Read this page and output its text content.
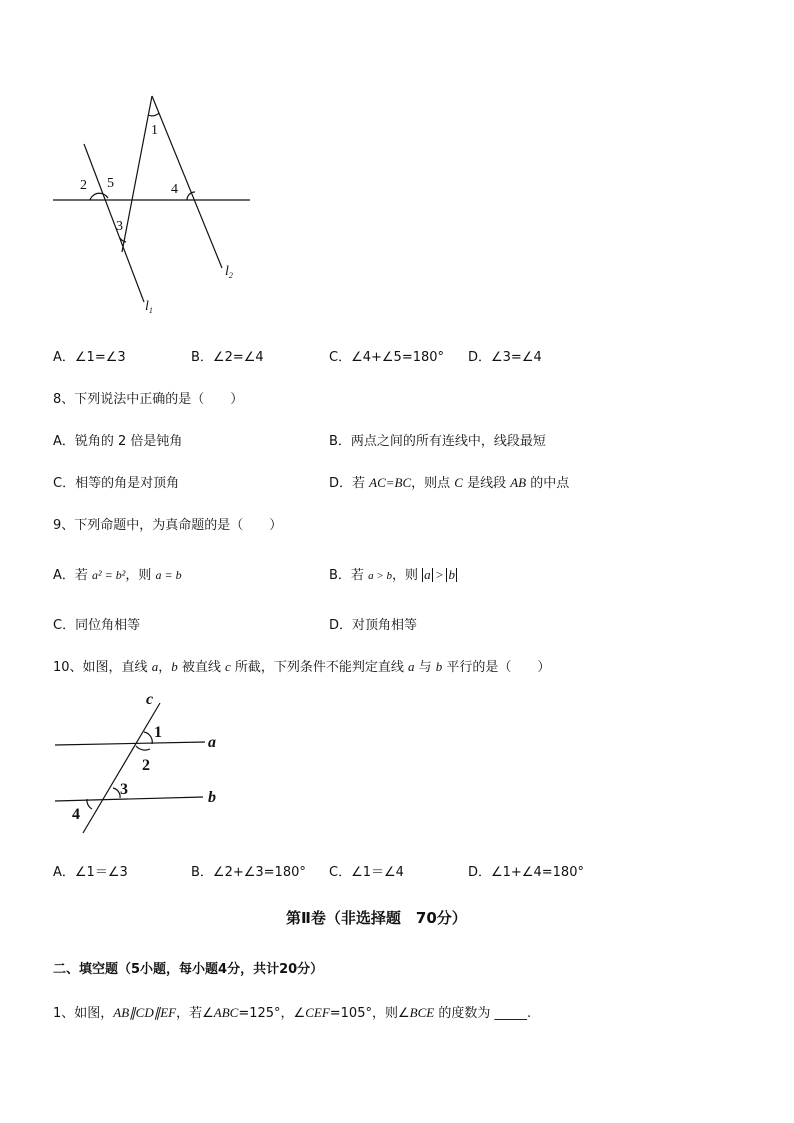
1
2 5
3
4
$l_2$
$l_1$
A．∠1=∠3	B．∠2=∠4	C．∠4+∠5=180° D．∠3=∠4
8、下列说法中正确的是（　　）
A．锐角的 2 倍是钝角	B．两点之间的所有连线中，线段最短
C．相等的角是对顶角	D．若 AC=BC，则点 C 是线段 AB 的中点
9、下列命题中，为真命题的是（　　）
A．若 a² = b²，则 a = b	B．若 a > b，则 a > b
C．同位角相等	D．对顶角相等
10、如图，直线 a，b 被直线 c 所截，下列条件不能判定直线 a 与 b 平行的是（　　）
c
a
b
1
2
3
4
A．∠1＝∠3	B．∠2+∠3=180° C．∠1＝∠4	D．∠1+∠4=180°
第Ⅱ卷（非选择题　70分）
二、填空题（5小题，每小题4分，共计20分）
1、如图，AB∥CD∥EF，若∠ABC=125°，∠CEF=105°，则∠BCE 的度数为 _____.
